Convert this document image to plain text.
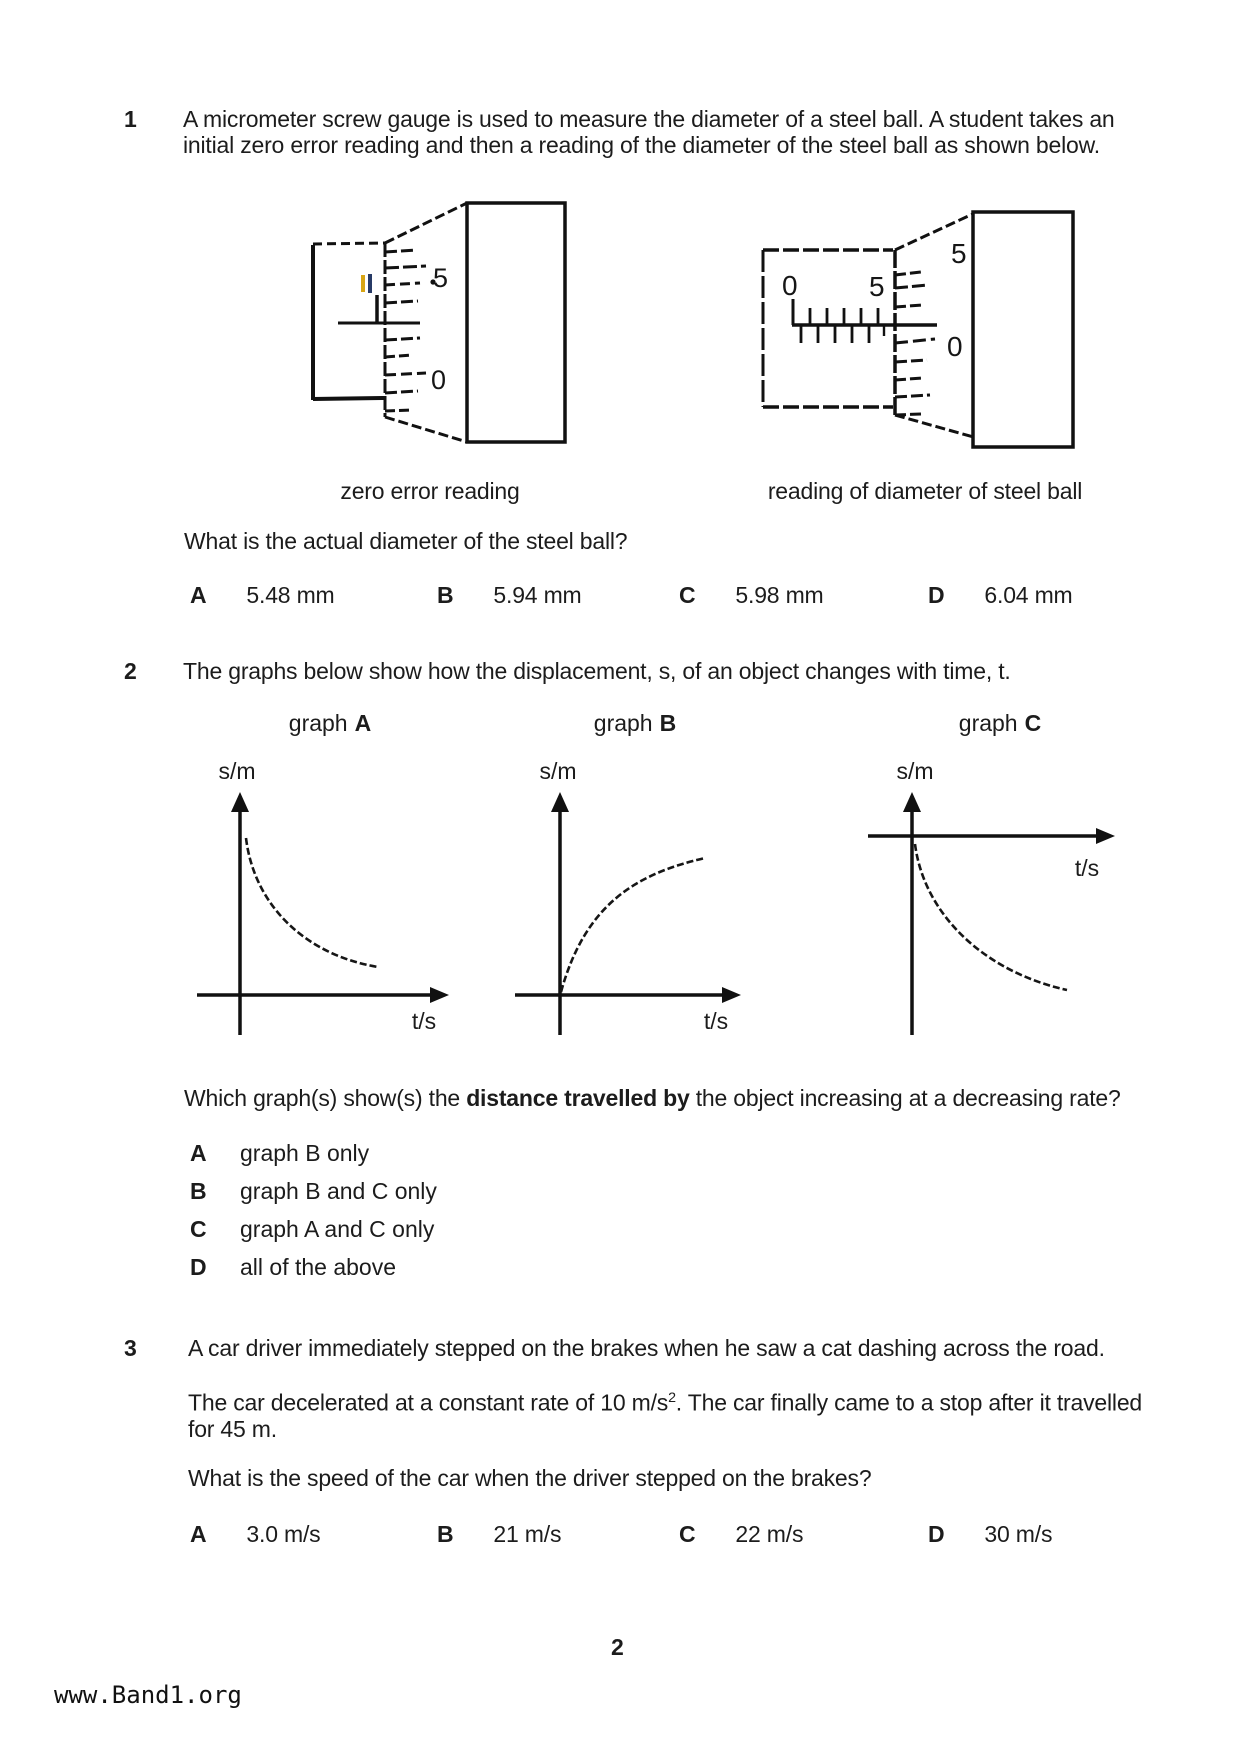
1 A micrometer screw gauge is used to measure the diameter of a steel ball. A student takes an
initial zero error reading and then a reading of the diameter of the steel ball as shown below.
5
0
0	5
5
0
zero error reading	reading of diameter of steel ball
What is the actual diameter of the steel ball?
A 5.48 mm	B 5.94 mm	C 5.98 mm	D 6.04 mm
2 The graphs below show how the displacement, s, of an object changes with time, t.
graph A	graph B	graph C
s/m	s/m	s/m
t/s	t/s
t/s
Which graph(s) show(s) the distance travelled by the object increasing at a decreasing rate?
A graph B only
B graph B and C only
C graph A and C only
D all of the above
3 A car driver immediately stepped on the brakes when he saw a cat dashing across the road.
The car decelerated at a constant rate of 10 $m/s^2$. The car finally came to a stop after it travelled
for 45 m.
What is the speed of the car when the driver stepped on the brakes?
A 3.0 m/s	B 21 m/s	C 22 m/s	D 30 m/s
2
www.Band1.org
